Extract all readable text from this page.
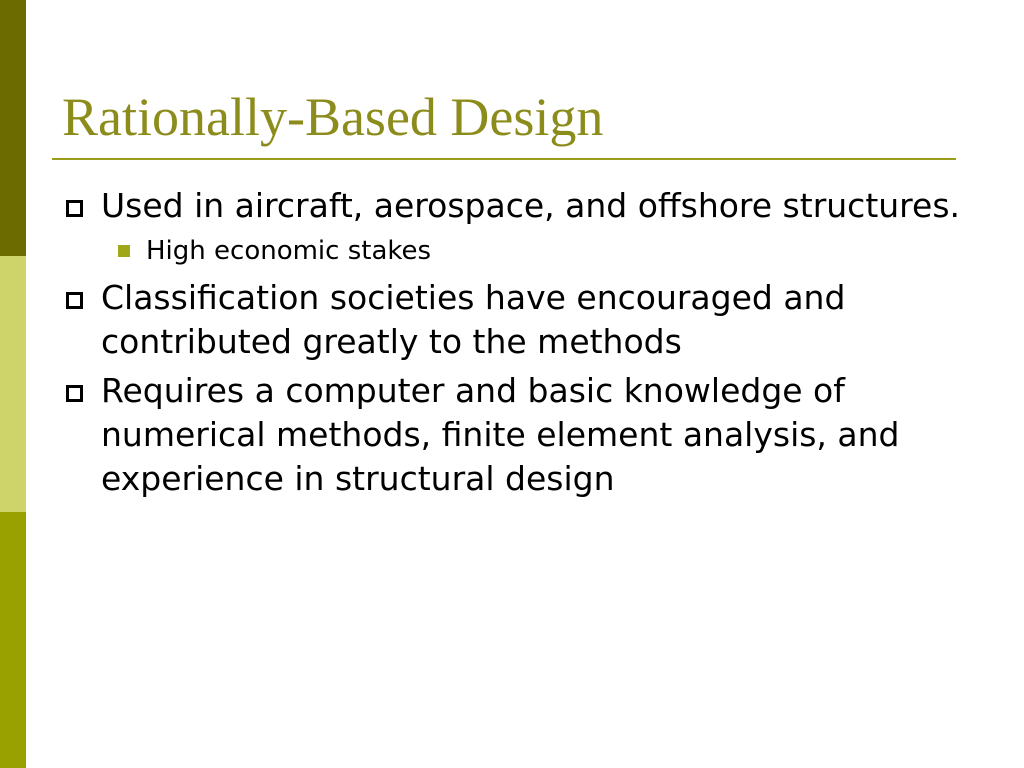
Rationally-Based Design
Used in aircraft, aerospace, and offshore structures.
High economic stakes
Classification societies have encouraged and contributed greatly to the methods
Requires a computer and basic knowledge of numerical methods, finite element analysis, and experience in structural design
